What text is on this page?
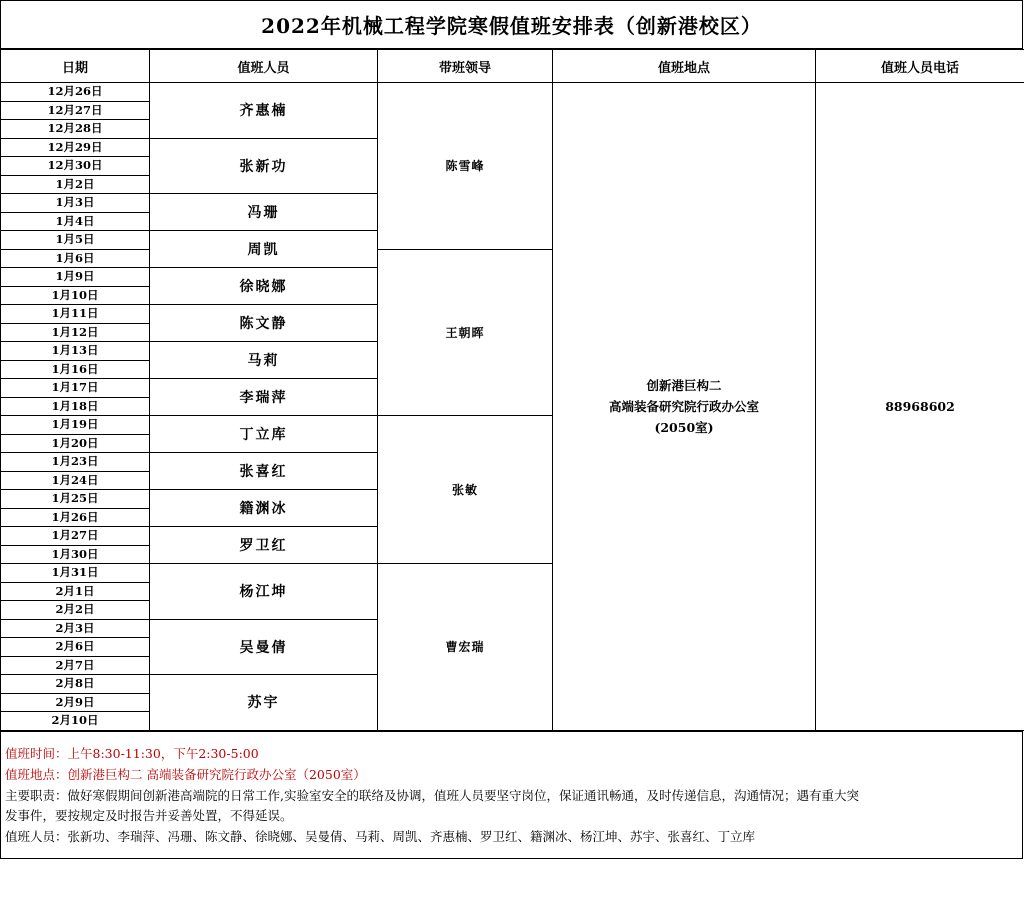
2022年机械工程学院寒假值班安排表（创新港校区）
日期	值班人员	带班领导	值班地点	值班人员电话
12月26日	齐惠楠	陈雪峰	创新港巨构二
高端装备研究院行政办公室
(2050室)	88968602
12月27日				
12月28日				
12月29日	张新功			
12月30日				
1月2日				
1月3日	冯珊			
1月4日				
1月5日	周凯			
1月6日		王朝晖		
1月9日	徐晓娜			
1月10日				
1月11日	陈文静			
1月12日				
1月13日	马莉			
1月16日				
1月17日	李瑞萍			
1月18日				
1月19日	丁立库	张敏		
1月20日				
1月23日	张喜红			
1月24日				
1月25日	籍渊冰			
1月26日				
1月27日	罗卫红			
1月30日				
1月31日	杨江坤	曹宏瑞		
2月1日				
2月2日				
2月3日	吴曼倩			
2月6日				
2月7日				
2月8日	苏宇			
2月9日				
2月10日				

值班时间：上午8:30-11:30，下午2:30-5:00

值班地点：创新港巨构二 高端装备研究院行政办公室（2050室）

主要职责：做好寒假期间创新港高端院的日常工作,实验室安全的联络及协调，值班人员要坚守岗位，保证通讯畅通，及时传递信息，沟通情况；遇有重大突

发事件，要按规定及时报告并妥善处置，不得延误。

值班人员：张新功、李瑞萍、冯珊、陈文静、徐晓娜、吴曼倩、马莉、周凯、齐惠楠、罗卫红、籍渊冰、杨江坤、苏宇、张喜红、丁立库
